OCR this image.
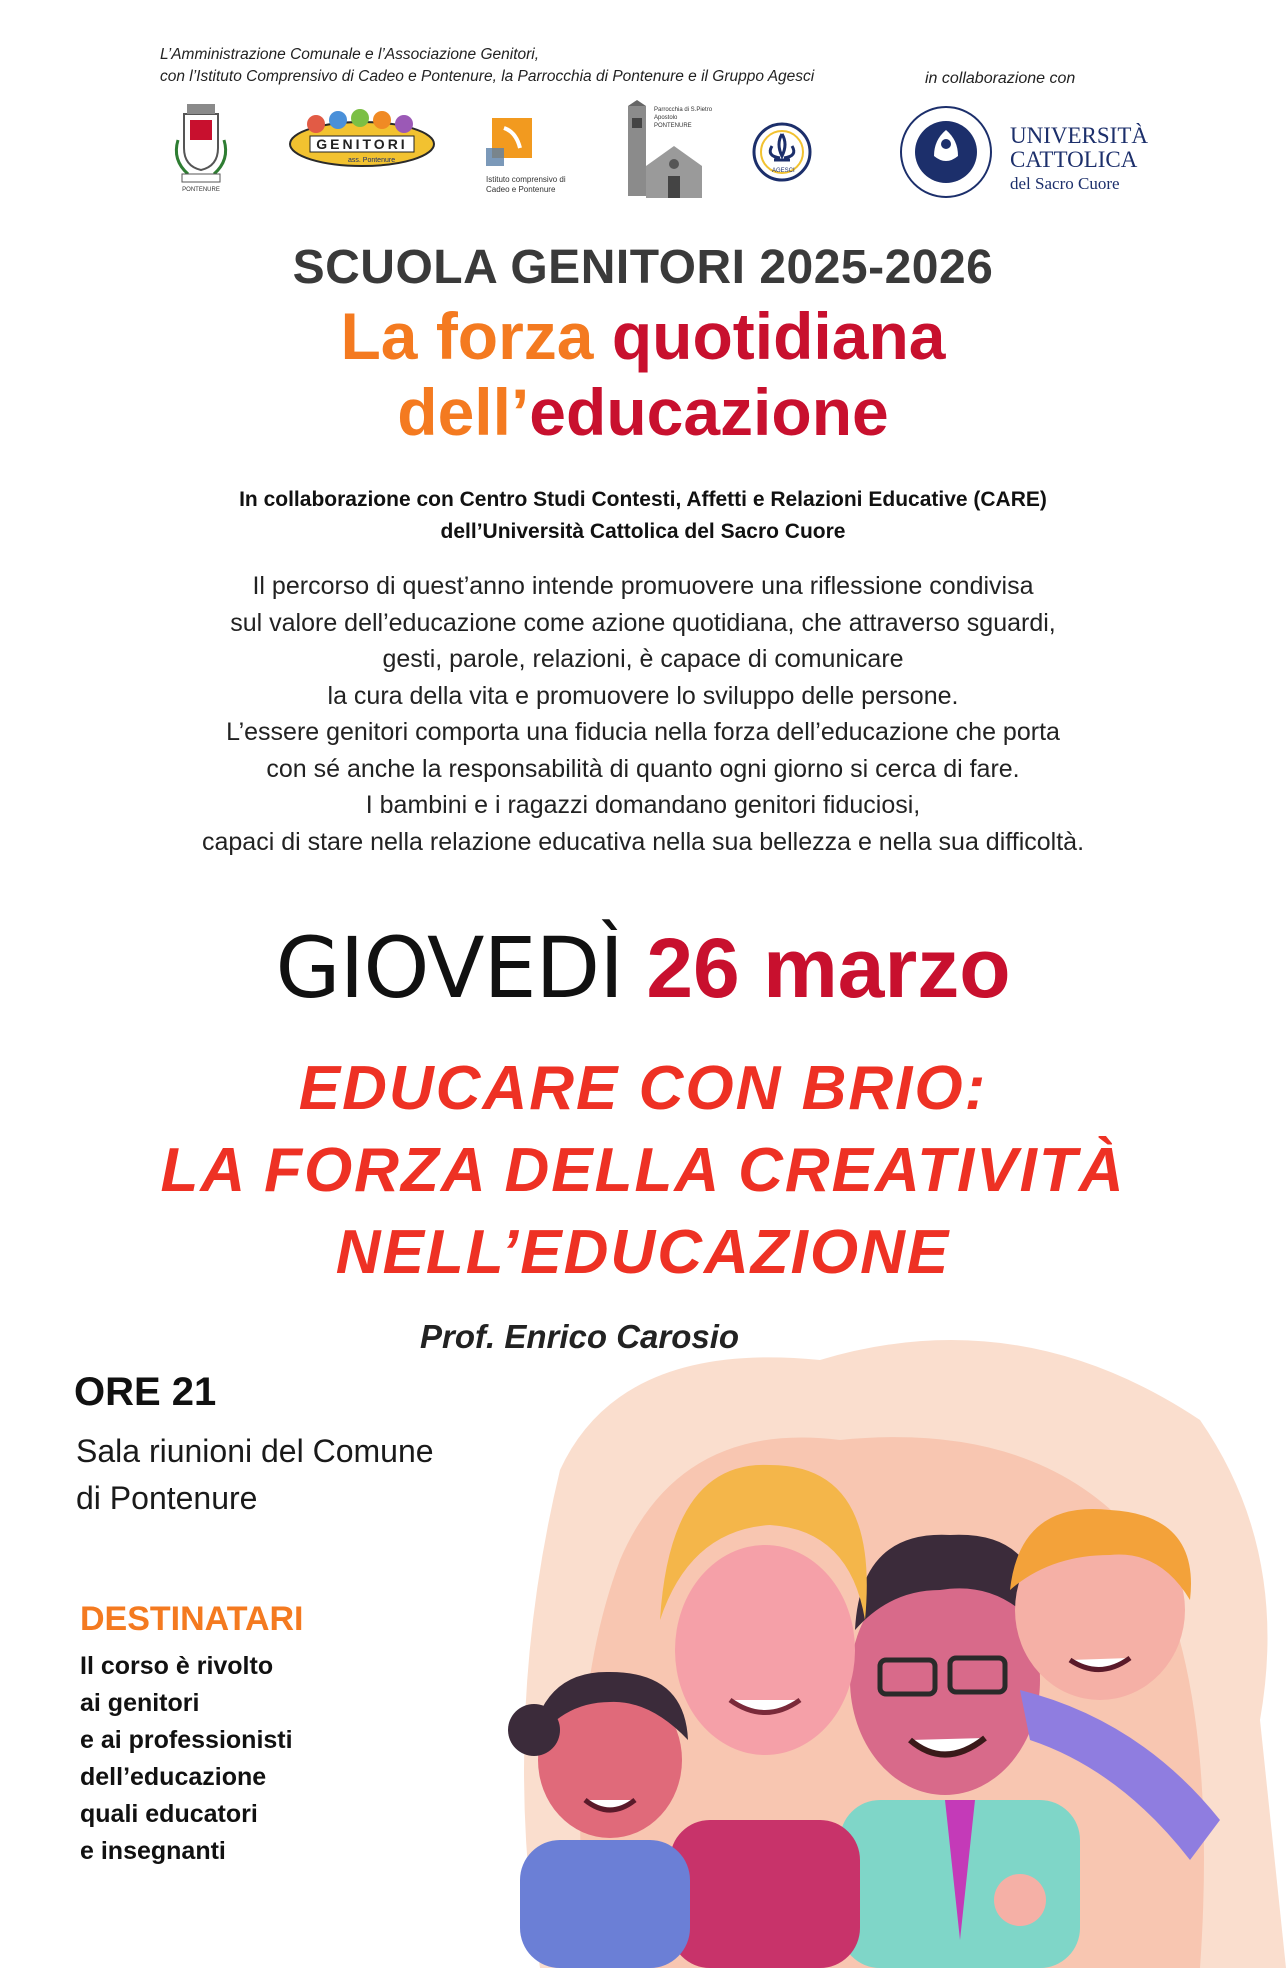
L’Amministrazione Comunale e l’Associazione Genitori,
con l’Istituto Comprensivo di Cadeo e Pontenure, la Parrocchia di Pontenure e il Gruppo Agesci	in collaborazione con
PONTENURE
GENITORI
ass. Pontenure
Istituto comprensivo di Cadeo e Pontenure
Parrocchia di S.Pietro Apostolo PONTENURE
AGESCI
UNIVERSITÀ
CATTOLICA
del Sacro Cuore
SCUOLA GENITORI 2025-2026
La forza quotidiana
dell’educazione
In collaborazione con Centro Studi Contesti, Affetti e Relazioni Educative (CARE)
dell’Università Cattolica del Sacro Cuore
Il percorso di quest’anno intende promuovere una riflessione condivisa
sul valore dell’educazione come azione quotidiana, che attraverso sguardi,
gesti, parole, relazioni, è capace di comunicare
la cura della vita e promuovere lo sviluppo delle persone.
L’essere genitori comporta una fiducia nella forza dell’educazione che porta
con sé anche la responsabilità di quanto ogni giorno si cerca di fare.
I bambini e i ragazzi domandano genitori fiduciosi,
capaci di stare nella relazione educativa nella sua bellezza e nella sua difficoltà.
GIOVEDÌ 26 marzo
EDUCARE CON BRIO:
LA FORZA DELLA CREATIVITÀ
NELL’EDUCAZIONE
Prof. Enrico Carosio
ORE 21
Sala riunioni del Comune
di Pontenure
DESTINATARI
Il corso è rivolto
ai genitori
e ai professionisti
dell’educazione
quali educatori
e insegnanti
